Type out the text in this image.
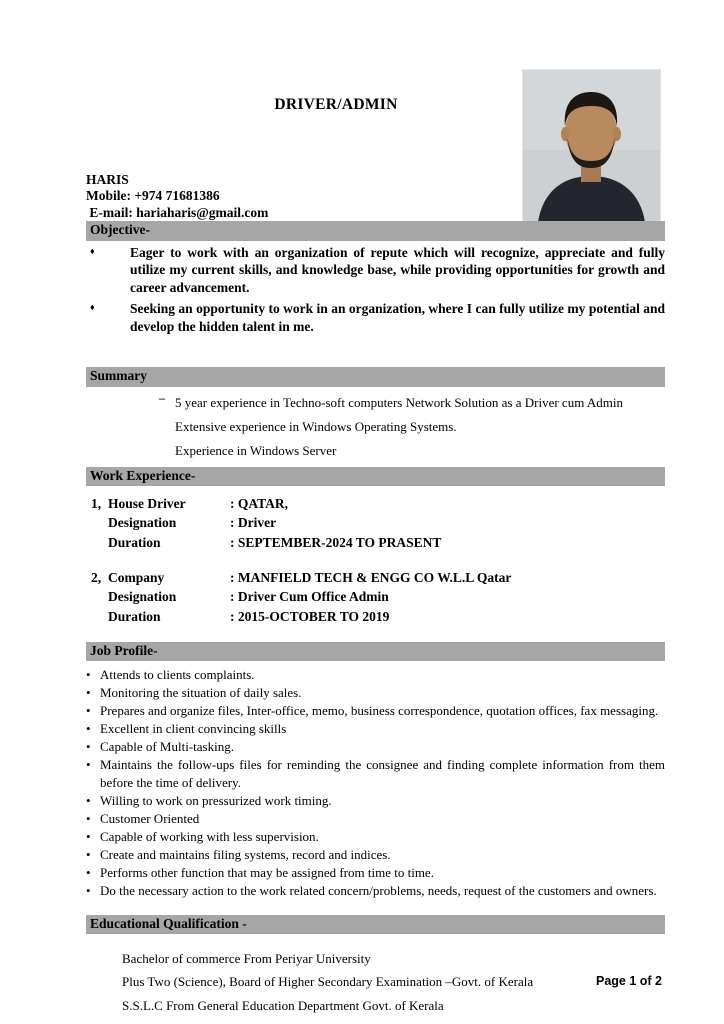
DRIVER/ADMIN
HARIS
Mobile: +974 71681386
E-mail: hariaharis@gmail.com
Objective-
♦	Eager to work with an organization of repute which will recognize, appreciate and fully utilize my current skills, and knowledge base, while providing opportunities for growth and career advancement.
♦	Seeking an opportunity to work in an organization, where I can fully utilize my potential and develop the hidden talent in me.
Summary
– 5 year experience in Techno-soft computers Network Solution as a Driver cum Admin
Extensive experience in Windows Operating Systems.
Experience in Windows Server
Work Experience-
1, House Driver	: QATAR,
Designation	: Driver
Duration	: SEPTEMBER-2024 TO PRASENT
2, Company	: MANFIELD TECH & ENGG CO W.L.L Qatar
Designation	: Driver Cum Office Admin
Duration	: 2015-OCTOBER TO 2019
Job Profile-
• Attends to clients complaints.
• Monitoring the situation of daily sales.
• Prepares and organize files, Inter-office, memo, business correspondence, quotation offices, fax messaging.
• Excellent in client convincing skills
• Capable of Multi-tasking.
• Maintains the follow-ups files for reminding the consignee and finding complete information from them before the time of delivery.
• Willing to work on pressurized work timing.
• Customer Oriented
• Capable of working with less supervision.
• Create and maintains filing systems, record and indices.
• Performs other function that may be assigned from time to time.
• Do the necessary action to the work related concern/problems, needs, request of the customers and owners.
Educational Qualification -
Bachelor of commerce From Periyar University
Plus Two (Science), Board of Higher Secondary Examination –Govt. of Kerala
S.S.L.C From General Education Department Govt. of Kerala
Page 1 of 2
